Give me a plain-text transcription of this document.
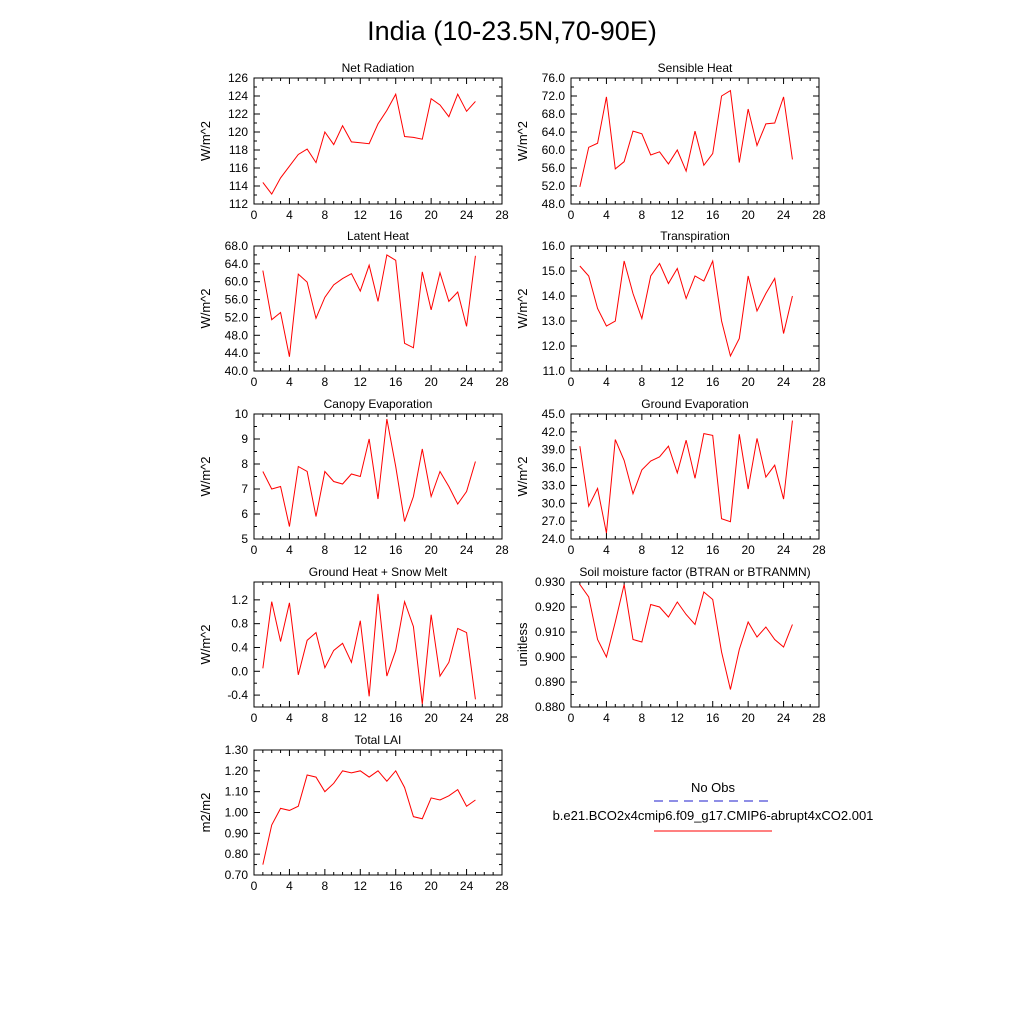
India (10-23.5N,70-90E)
Net Radiation
0 4 8 12 16 20 24 28
112
114
116
118
120
122
124
126
W/m^2
Sensible Heat
0 4 8 12 16 20 24 28
48.0
52.0
56.0
60.0
64.0
68.0
72.0
76.0
W/m^2
Latent Heat
0 4 8 12 16 20 24 28
40.0
44.0
48.0
52.0
56.0
60.0
64.0
68.0
W/m^2
Transpiration
0 4 8 12 16 20 24 28
11.0
12.0
13.0
14.0
15.0
16.0
W/m^2
Canopy Evaporation
0 4 8 12 16 20 24 28
5
6
7
8
9
10
W/m^2
Ground Evaporation
0 4 8 12 16 20 24 28
24.0
27.0
30.0
33.0
36.0
39.0
42.0
45.0
W/m^2
Ground Heat + Snow Melt
0 4 8 12 16 20 24 28
-0.4
0.0
0.4
0.8
1.2
W/m^2
Soil moisture factor (BTRAN or BTRANMN)
0 4 8 12 16 20 24 28
0.880
0.890
0.900
0.910
0.920
0.930
unitless
Total LAI
0 4 8 12 16 20 24 28
0.70
0.80
0.90
1.00
1.10
1.20
1.30
m2/m2
No Obs
b.e21.BCO2x4cmip6.f09_g17.CMIP6-abrupt4xCO2.001
